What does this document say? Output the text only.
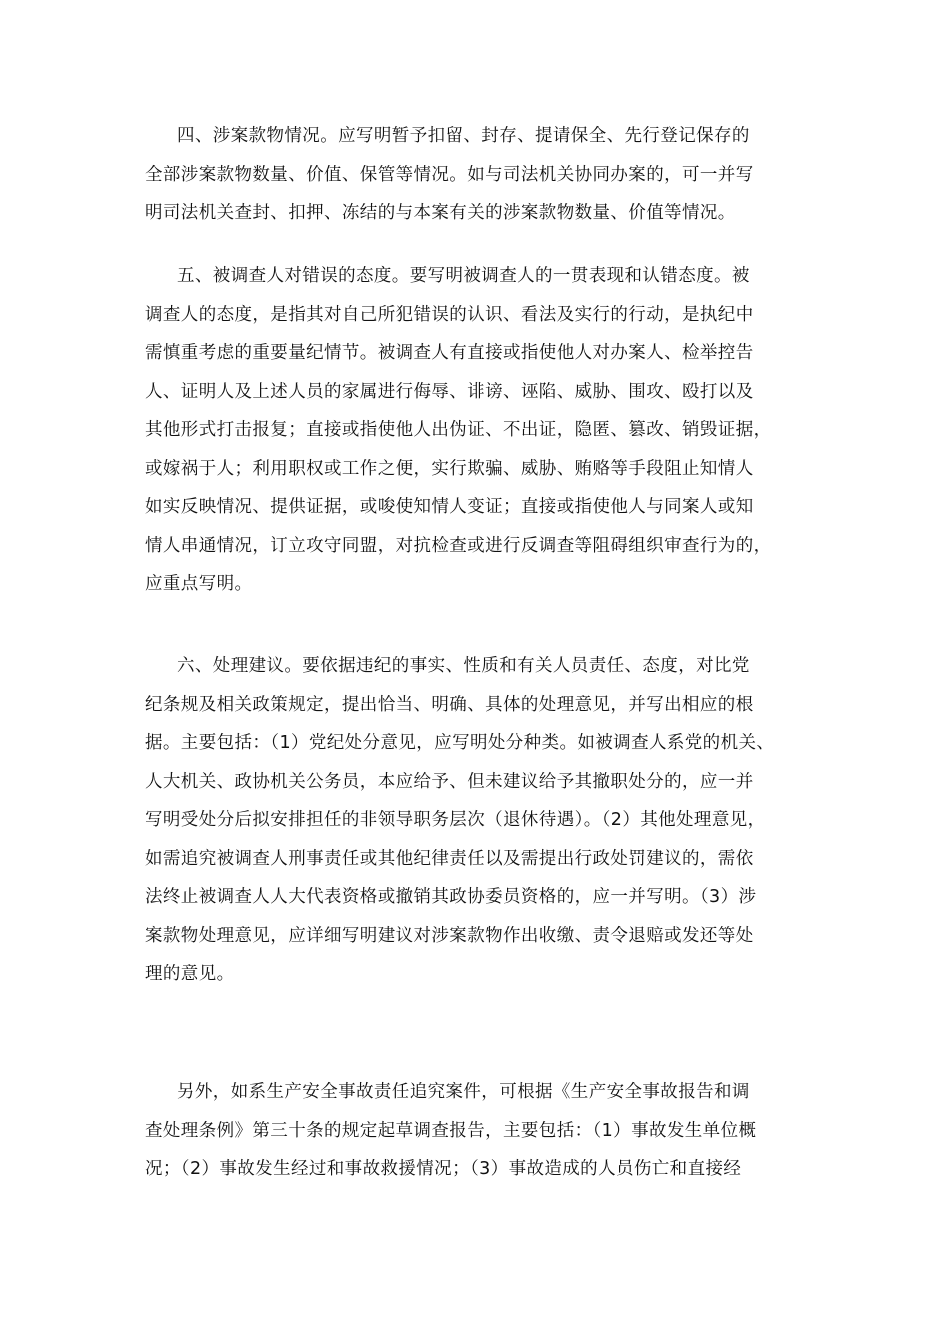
四、涉案款物情况。应写明暂予扣留、封存、提请保全、先行登记保存的
全部涉案款物数量、价值、保管等情况。如与司法机关协同办案的，可一并写
明司法机关查封、扣押、冻结的与本案有关的涉案款物数量、价值等情况。
五、被调查人对错误的态度。要写明被调查人的一贯表现和认错态度。被
调查人的态度，是指其对自己所犯错误的认识、看法及实行的行动，是执纪中
需慎重考虑的重要量纪情节。被调查人有直接或指使他人对办案人、检举控告
人、证明人及上述人员的家属进行侮辱、诽谤、诬陷、威胁、围攻、殴打以及
其他形式打击报复；直接或指使他人出伪证、不出证，隐匿、篡改、销毁证据，
或嫁祸于人；利用职权或工作之便，实行欺骗、威胁、贿赂等手段阻止知情人
如实反映情况、提供证据，或唆使知情人变证；直接或指使他人与同案人或知
情人串通情况，订立攻守同盟，对抗检查或进行反调查等阻碍组织审查行为的，
应重点写明。
六、处理建议。要依据违纪的事实、性质和有关人员责任、态度，对比党
纪条规及相关政策规定，提出恰当、明确、具体的处理意见，并写出相应的根
据。主要包括：（1）党纪处分意见，应写明处分种类。如被调查人系党的机关、
人大机关、政协机关公务员，本应给予、但未建议给予其撤职处分的，应一并
写明受处分后拟安排担任的非领导职务层次（退休待遇）。（2）其他处理意见，
如需追究被调查人刑事责任或其他纪律责任以及需提出行政处罚建议的，需依
法终止被调查人人大代表资格或撤销其政协委员资格的，应一并写明。（3）涉
案款物处理意见，应详细写明建议对涉案款物作出收缴、责令退赔或发还等处
理的意见。
另外，如系生产安全事故责任追究案件，可根据《生产安全事故报告和调
查处理条例》第三十条的规定起草调查报告，主要包括：（1）事故发生单位概
况；（2）事故发生经过和事故救援情况；（3）事故造成的人员伤亡和直接经
